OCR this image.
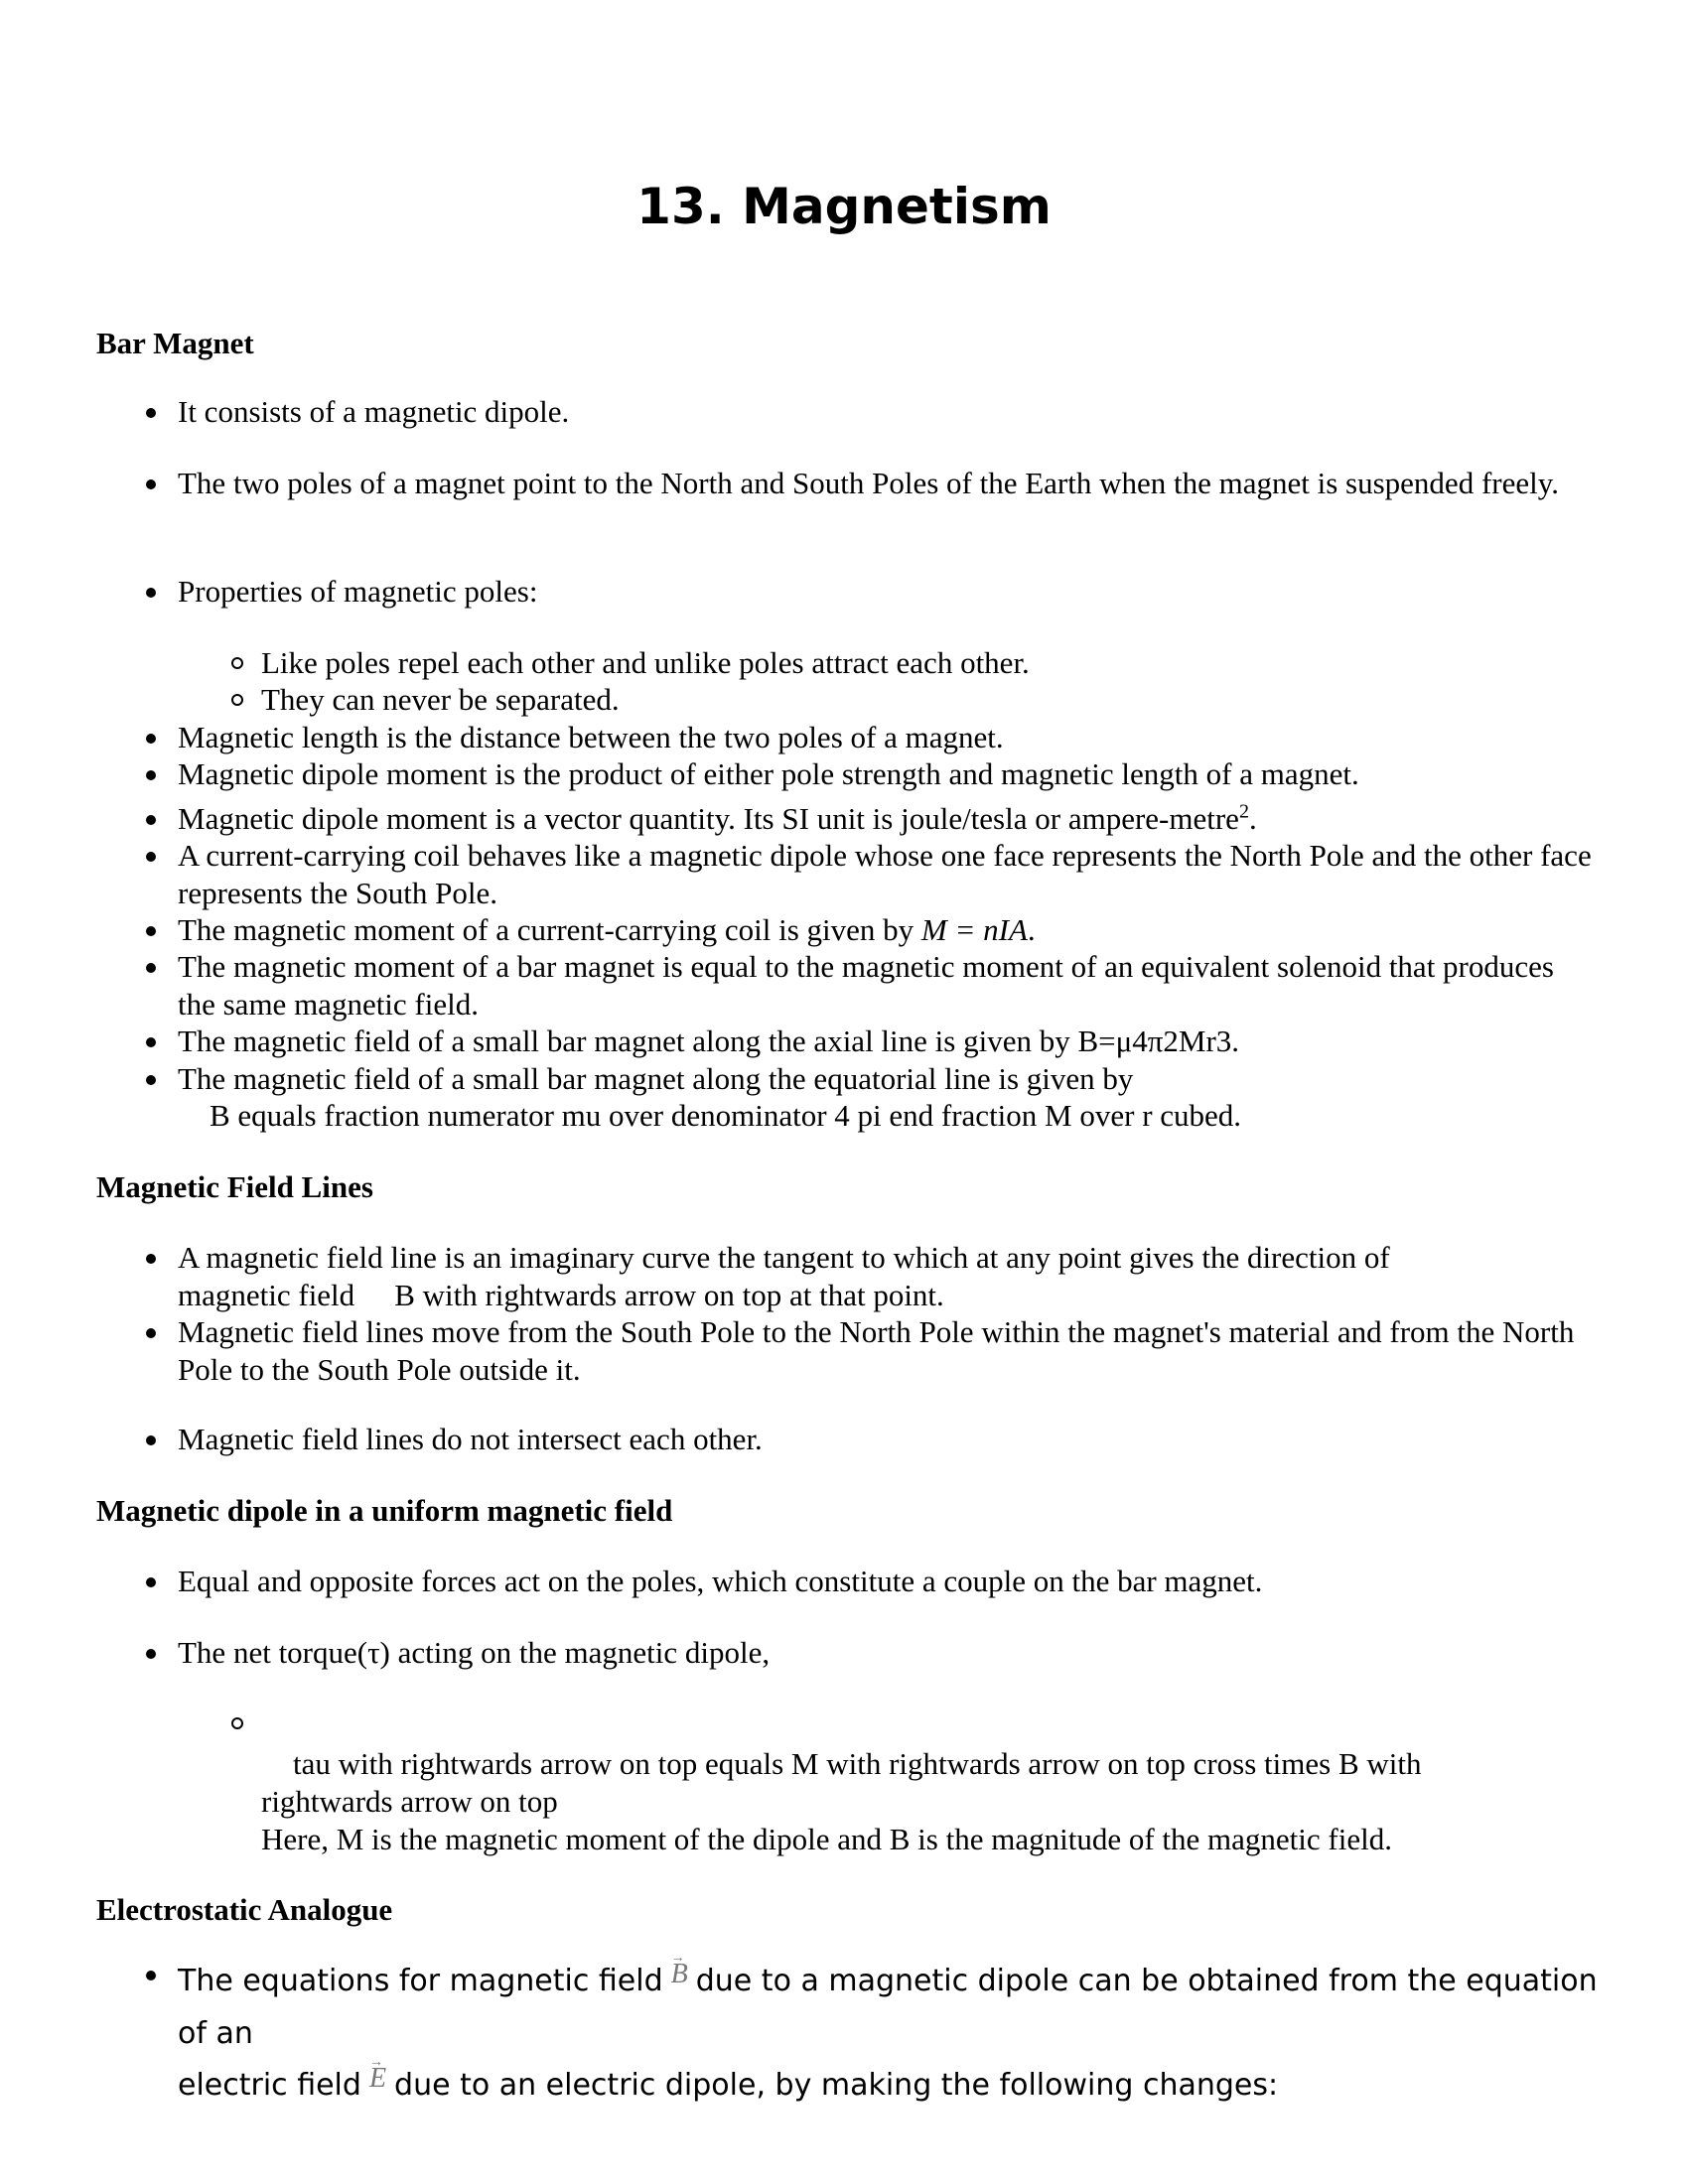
13. Magnetism
Bar Magnet

It consists of a magnetic dipole.

The two poles of a magnet point to the North and South Poles of the Earth when the magnet is suspended freely.

Properties of magnetic poles:

Like poles repel each other and unlike poles attract each other.

They can never be separated.

Magnetic length is the distance between the two poles of a magnet.

Magnetic dipole moment is the product of either pole strength and magnetic length of a magnet.

Magnetic dipole moment is a vector quantity. Its SI unit is joule/tesla or ampere-metre$^2$.

A current-carrying coil behaves like a magnetic dipole whose one face represents the North Pole and the other face represents the South Pole.

The magnetic moment of a current-carrying coil is given by M = nIA.

The magnetic moment of a bar magnet is equal to the magnetic moment of an equivalent solenoid that produces the same magnetic field.

The magnetic field of a small bar magnet along the axial line is given by B=μ4π2Mr3.

The magnetic field of a small bar magnet along the equatorial line is given by

B equals fraction numerator mu over denominator 4 pi end fraction M over r cubed.

Magnetic Field Lines

A magnetic field line is an imaginary curve the tangent to which at any point gives the direction of
magnetic field B with rightwards arrow on top at that point.

Magnetic field lines move from the South Pole to the North Pole within the magnet's material and from the North Pole to the South Pole outside it.

Magnetic field lines do not intersect each other.

Magnetic dipole in a uniform magnetic field

Equal and opposite forces act on the poles, which constitute a couple on the bar magnet.

The net torque(τ) acting on the magnetic dipole,

tau with rightwards arrow on top equals M with rightwards arrow on top cross times B with
rightwards arrow on top
Here, M is the magnetic moment of the dipole and B is the magnitude of the magnetic field.

Electrostatic Analogue

The equations for magnetic field → B due to a magnetic dipole can be obtained from the equation of an
electric field → E due to an electric dipole, by making the following changes:
